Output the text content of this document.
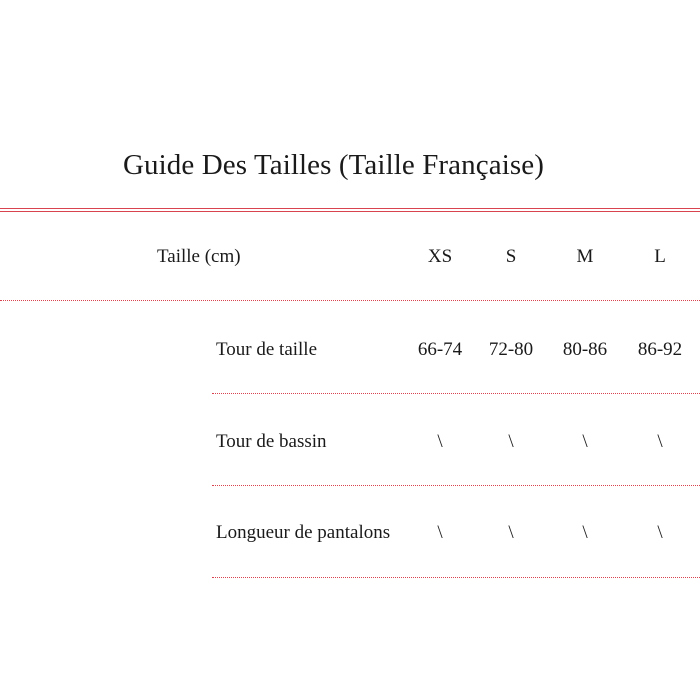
Guide Des Tailles (Taille Française)
Taille (cm)	XS	S	M	L
Tour de taille	66-74	72-80	80-86	86-92
Tour de bassin	\	\	\	\
Longueur de pantalons	\	\	\	\
